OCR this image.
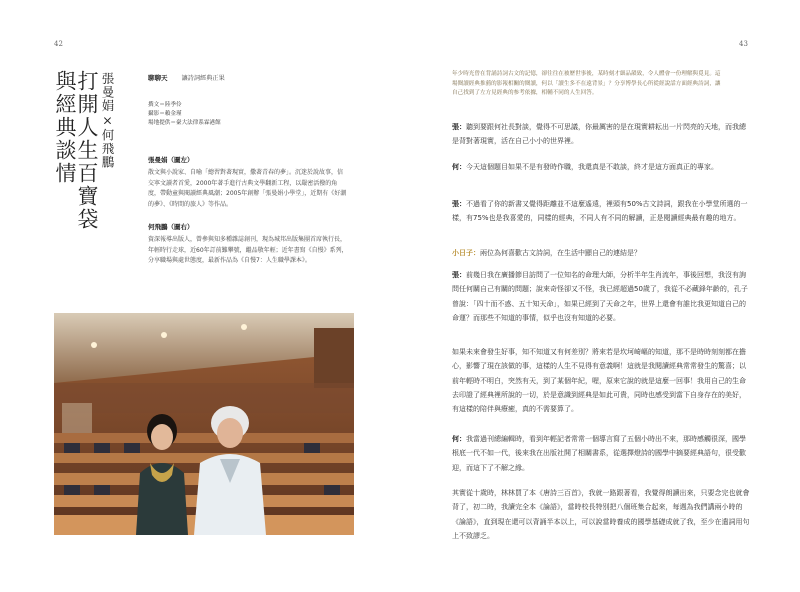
42
打開人生百寶袋
與經典談情 張曼娟×何飛鵬	聊聊天 讓詩詞經典正果
撰文＝陸季伶
攝影＝賴金瑾
場地提供＝臺大法律系霖港館
張曼娟（圖左）
散文與小說家、自喻「總習對著現實，撒著青春的夢」。沉迷於說故事，信交寧文讀者首愛，2000年著手進行古典文學翻新工程，以嚴密活撥的角度，帶動童與閱讀經典風潮；2005年創辦「張曼娟小學堂」，近期有《好潮的夢》、《時間的旅人》等作品。
何飛鵬（圖右）
資深報導出版人，曾參與知多種雜誌創刊，現為城邦出版集團首席執行長，年輕時行走球，近60年訂前難攀號，繼品敬年輕；近年書寫《自慢》系列，分享職場與處世態度，最新作品為《自慢7：人生職學課本》。
43
年少時光曾在背誦詩詞古文的記憶，卻往往在被歷世事後，某時刻才細品韻致，令人體會一份理解與覓見。這場閱讀經典推薦的影報相關的閱讀，何以「讀生多不在遠背景」？分享博學長心所從經說話方面經典詩詞，讓自己找到了左方見經典的参考依據，相輔不同的人生回答。

張：聽到要跟何社長對談，覺得不可思議，你最厲害的是在現實耕耘出一片閃亮的天地，而我總是背對著現實，活在自己小小的世界裡。

何：今天這個題目如果不是有發時作職，我還真是不敢談，終才是這方面真正的專家。

張：不過看了你的新書又覺得距離並不這麼遙遠，裡頭有50%古文詩詞，跟我在小學堂所選的一樣，有75%也是我喜愛的，同樣的經典，不同人有不同的解讀，正是閱讀經典最有趣的地方。

小日子：兩位為何喜歡古文詩詞，在生活中顯自己的連結是？

張：前幾日我在廣播節目訪問了一位知名的命理大師，分析半年生肖流年，事後回想，我沒有詢問任何關自己有關的問題；說來奇怪卻又不怪，我已經超過50歲了，我從不必藏鋒年齡的，孔子曾說：「四十而不惑、五十知天命」，如果已經到了天命之年，世界上還會有誰比我更知道自己的命運？而那些不知道的事情，似乎也沒有知道的必要。

如果未來會發生好事，知不知道又有何差別？將來若是坎坷崎嶇的知道，那不是時時刻刻都在擔心，影響了現在該做的事，這樣的人生不見得有意義啊！這就是我閱讀經典常常發生的驚喜；以前年輕時不明白，突然有天，到了某個年紀，喔，原來它說的就是這麼一回事！我用自己的生命去印證了經典裡所說的一切，於是意識到經典是如此可貴，同時也感受到當下自身存在的美好，有這樣的陪伴與療癒，真的不需要算了。

何：我當過刊總編輯時，看到年輕記者常常一個導言寫了五個小時出不來，那時感觸很深，國學根底一代不如一代，後來我在出版社開了相關書系，從選擇燈詩的國學中摘要經典語句，很受歡迎，而這下了不解之緣。

其實從十歲時，林林買了本《唐詩三百首》，我就一路跟著看，我覺得朗讀出來，只要念完也就會背了，初二時，我讀完全本《論語》，當時校長特別把八個班集合起來，每週為我們講兩小時的《論語》，直到現在還可以背誦半本以上，可以說當時養成的國學基礎成就了我，至少在遣詞用句上不致謬乏。
